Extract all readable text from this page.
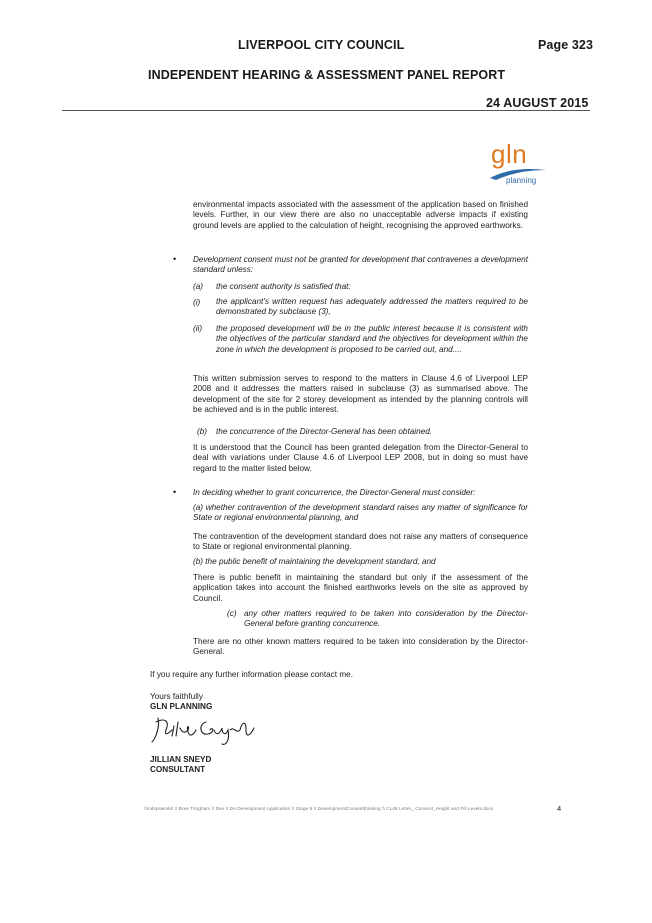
LIVERPOOL CITY COUNCIL	Page 323
INDEPENDENT HEARING & ASSESSMENT PANEL REPORT
24 AUGUST 2015
gln
planning
environmental impacts associated with the assessment of the application based on finished levels. Further, in our view there are also no unacceptable adverse impacts if existing ground levels are applied to the calculation of height, recognising the approved earthworks.
• Development consent must not be granted for development that contravenes a development standard unless:
(a) the consent authority is satisfied that:
(i) the applicant's written request has adequately addressed the matters required to be demonstrated by subclause (3),
(ii) the proposed development will be in the public interest because it is consistent with the objectives of the particular standard and the objectives for development within the zone in which the development is proposed to be carried out, and....
This written submission serves to respond to the matters in Clause 4.6 of Liverpool LEP 2008 and it addresses the matters raised in subclause (3) as summarised above. The development of the site for 2 storey development as intended by the planning controls will be achieved and is in the public interest.
(b) the concurrence of the Director-General has been obtained.
It is understood that the Council has been granted delegation from the Director-General to deal with variations under Clause 4.6 of Liverpool LEP 2008, but in doing so must have regard to the matter listed below.
• In deciding whether to grant concurrence, the Director-General must consider:
(a) whether contravention of the development standard raises any matter of significance for State or regional environmental planning, and
The contravention of the development standard does not raise any matters of consequence to State or regional environmental planning.
(b) the public benefit of maintaining the development standard, and
There is public benefit in maintaining the standard but only if the assessment of the application takes into account the finished earthworks levels on the site as approved by Council.
(c) any other matters required to be taken into consideration by the Director-General before granting concurrence.
There are no other known matters required to be taken into consideration by the Director- General.
If you require any further information please contact me.
Yours faithfully
GLN PLANNING
JILLIAN SNEYD
CONSULTANT
\\Indspswmk0 \\ Bree Tringham \\ Dev \\ DA Development Application \\ Stage 5 \\ DevelopmentConsentExisting \\ CL46 Letter_ Consent_Height and Fill Levels.docx	4
